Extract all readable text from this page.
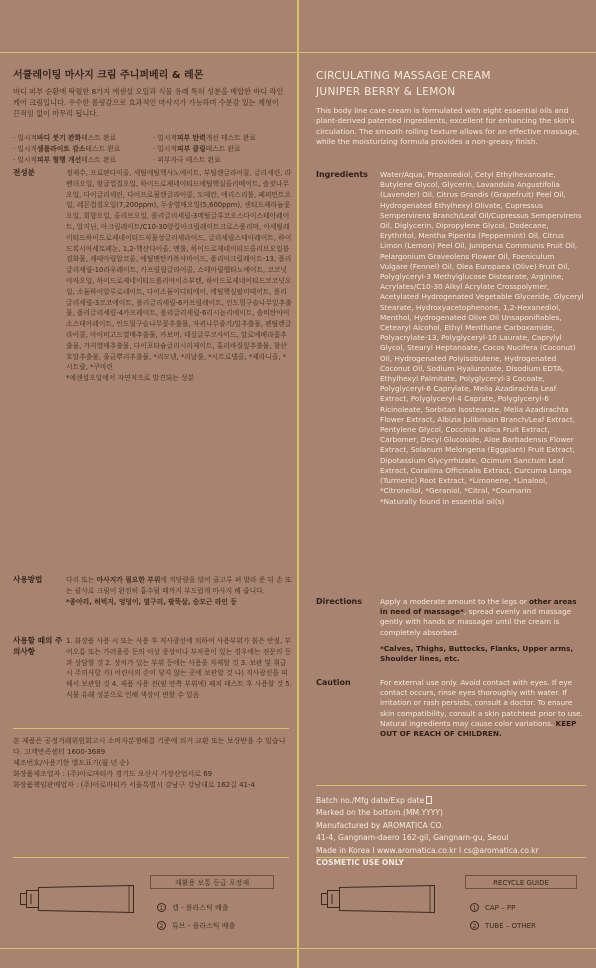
서큘레이팅 마사지 크림 주니퍼베리 & 레몬
바디 피부 순환에 탁월한 8가지 에센셜 오일과 식물 유래 특허 성분을 배합한 바디 라인 케어 크림입니다. 우수한 롤링감으로 효과적인 마사지가 가능하며 수분감 있는 제형이 끈적임 없이 마무리 됩니다.
· 일시적바디 붓기 완화테스트 완료	· 일시적피부 탄력개선 테스트 완료
· 일시적셀룰라이트 감소테스트 완료	· 일시적피부 클링테스트 완료
· 일시적피부 혈행 개선테스트 완료	· 피부자극 테스트 완료
전성분	정제수, 프로판다이올, 세틸에틸헥사노에이트, 부틸렌글라이콜, 글리세린, 라벤더오일, 왕귤껍질오일, 하이드로제네이티드에틸헥실올리베이트, 솔잣나무오일, 다이글리세린, 다이프로필렌글라이콜, 도데칸, 에리스리톨, 페퍼민트오일, 레몬껍질오일(7,200ppm), 두송열매오일(5,600ppm), 센티드제라늄꽃오일, 회향오일, 올리브오일, 폴리글리세릴-3메틸글루코오스다이스테아레이트, 알지닌, 아크릴레이트/C10-30알킬아크릴레이트크로스폴리머, 아세틸레이티드하이드로제네이티드식물성글리세라이드, 글리세릴스테아레이트, 하이드록시아세토페논, 1,2-헥산다이올, 멘톨, 하이드로제네이티드올리브오일불검화물, 세테아릴알코올, 에틸멘탄카복사마이드, 폴리아크릴레이트-13, 폴리글리세릴-10라우레이트, 카프릴릴글라이콜, 스테아릴헵타노에이트, 코코넛야자오일, 하이드로제네이티드폴리아이소부텐, 하이드로제네이티드코코넛오일, 소듐하이알루로네이트, 다이소듐이디티에이, 에틸헥실팔미테이트, 폴리글리세릴-3코코에이트, 폴리글리세릴-6카프릴레이트, 인도멀구슬나무잎추출물, 폴리글리세릴-4카프레이트, 폴리글리세릴-6리시놀리에이트, 솔비탄아이소스테아레이트, 인도멀구슬나무꽃추출물, 자귀나무줄기/잎추출물, 펜틸렌글라이콜, 아이비고드열매추출물, 카보머, 데실글루코사이드, 알로에베라꽃추출물, 가지열매추출물, 다이포타슘글리시리제이트, 홀리바질잎추출물, 참산호말추출물, 울금뿌리추출물, *리모넨, *리날룰, *시트로넬올, *제라니올, *시트랄, *쿠마린
*에센셜오일에서 자연적으로 발견되는 성분
사용방법	다리 또는 마사지가 필요한 부위에 적당량을 덜어 골고루 펴 발라 준 뒤 손 또는 괄사로 크림이 완전히 흡수될 때까지 부드럽게 마사지 해 줍니다.
*종아리, 허벅지, 엉덩이, 옆구리, 팔뚝살, 승모근 라인 등
사용할 때의 주의사항
1. 화장품 사용 시 또는 사용 후 직사광선에 의하여 사용부위가 붉은 반점, 부어오름 또는 가려움증 등의 이상 증상이나 부작용이 있는 경우에는 전문의 등과 상담할 것 2. 상처가 있는 부위 등에는 사용을 자제할 것 3. 보관 및 취급 시 주의사항 가) 어린이의 손이 닿지 않는 곳에 보관할 것 나) 직사광선을 피해서 보관할 것 4. 제품 사용 전(팔 안쪽 부위에) 패치 테스트 후 사용할 것 5. 식물 유래 성분으로 인해 색상이 변할 수 있음
본 제품은 공정거래위원회고시 소비자분쟁해결 기준에 의거 교환 또는 보상받을 수 있습니다. 고객만족센터 1600-3689
제조번호/사용기한 별도표기(월 년 순)
화장품제조업자 : (주)아로마티카 경기도 오산시 가장산업서로 69
화장품책임판매업자 : (주)아로마티카 서울특별시 강남구 강남대로 162길 41-4
재활용 보통 등급 포장재
1 캡 - 플라스틱 배출
2 튜브 - 플라스틱 배출
CIRCULATING MASSAGE CREAM
JUNIPER BERRY & LEMON
This body line care cream is formulated with eight essential oils and plant-derived patented ingredients, excellent for enhancing the skin's circulation. The smooth rolling texture allows for an effective massage, while the moisturizing formula provides a non-greasy finish.
Ingredients Water/Aqua, Propanediol, Cetyl Ethylhexanoate, Butylene Glycol, Glycerin, Lavandula Angustifolia (Lavender) Oil, Citrus Grandis (Grapefruit) Peel Oil, Hydrogenated Ethylhexyl Olivate, Cupressus Sempervirens Branch/Leaf Oil/Cupressus Sempervirens Oil, Diglycerin, Dipropylene Glycol, Dodecane, Erythritol, Mentha Piperita (Peppermint) Oil, Citrus Limon (Lemon) Peel Oil, Juniperus Communis Fruit Oil, Pelargonium Graveolens Flower Oil, Foeniculum Vulgare (Fennel) Oil, Olea Europaea (Olive) Fruit Oil, Polyglyceryl-3 Methylglucose Distearate, Arginine, Acrylates/C10-30 Alkyl Acrylate Crosspolymer, Acetylated Hydrogenated Vegetable Glyceride, Glyceryl Stearate, Hydroxyacetophenone, 1,2-Hexanediol, Menthol, Hydrogenated Olive Oil Unsaponifiables, Cetearyl Alcohol, Ethyl Menthane Carboxamide, Polyacrylate-13, Polyglyceryl-10 Laurate, Caprylyl Glycol, Stearyl Heptanoate, Cocos Nucifera (Coconut) Oil, Hydrogenated Polyisobutene, Hydrogenated Coconut Oil, Sodium Hyaluronate, Disodium EDTA, Ethylhexyl Palmitate, Polyglyceryl-3 Cocoate, Polyglyceryl-6 Caprylate, Melia Azadirachta Leaf Extract, Polyglyceryl-4 Caprate, Polyglyceryl-6 Ricinoleate, Sorbitan Isostearate, Melia Azadirachta Flower Extract, Albizia Julibrissin Branch/Leaf Extract, Pentylene Glycol, Coccinia Indica Fruit Extract, Carbomer, Decyl Glucoside, Aloe Barbadensis Flower Extract, Solanum Melongena (Eggplant) Fruit Extract, Dipotassium Glycyrrhizate, Ocimum Sanctum Leaf Extract, Corallina Officinalis Extract, Curcuma Longa (Turmeric) Root Extract, *Limonene, *Linalool, *Citronellol, *Geraniol, *Citral, *Coumarin
*Naturally found in essential oil(s)
Directions Apply a moderate amount to the legs or other areas in need of massage*, spread evenly and massage gently with hands or massager until the cream is completely absorbed.
*Calves, Thighs, Buttocks, Flanks, Upper arms, Shoulder lines, etc.
Caution	For external use only. Avoid contact with eyes. If eye contact occurs, rinse eyes thoroughly with water. If irritation or rash persists, consult a doctor. To ensure skin compatibility, consult a skin patchtest prior to use. Natural ingredients may cause color variations. KEEP OUT OF REACH OF CHILDREN.
Batch no./Mfg date/Exp date
Marked on the bottom.(MM.YYYY)
Manufactured by AROMATICA CO.
41-4, Gangnam-daero 162-gil, Gangnam-gu, Seoul
Made in Korea I www.aromatica.co.kr I cs@aromatica.co.kr
COSMETIC USE ONLY
RECYCLE GUIDE
1 CAP – PP
2 TUBE – OTHER
